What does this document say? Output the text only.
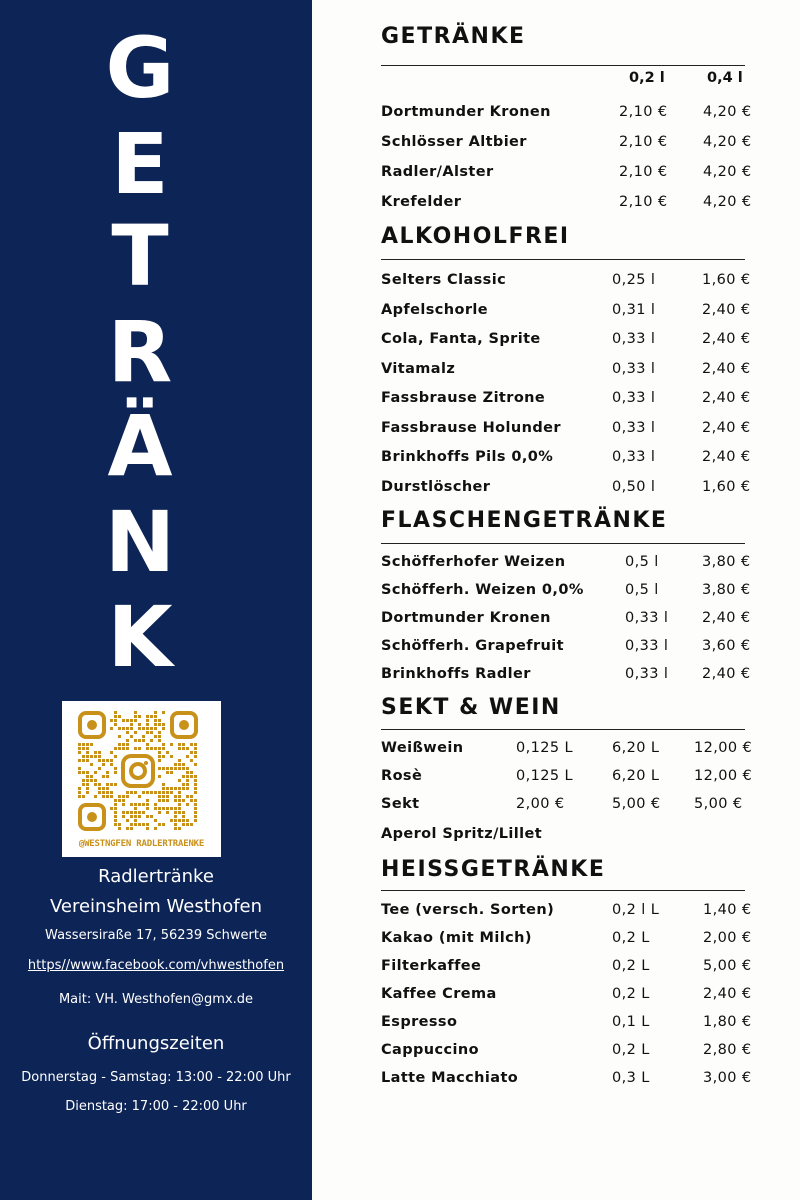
G
E
T
R
Ä
N
K
@WESTNGFEN RADLERTRAENKE
Radlertränke
Vereinsheim Westhofen
Wassersiraße 17, 56239 Schwerte
https//www.facebook.com/vhwesthofen
Mait: VH. Westhofen@gmx.de
Öffnungszeiten
Donnerstag - Samstag: 13:00 - 22:00 Uhr
Dienstag: 17:00 - 22:00 Uhr
GETRÄNKE
0,2 l	0,4 l
Dortmunder Kronen	2,10 € 4,20 €
Schlösser Altbier	2,10 € 4,20 €
Radler/Alster	2,10 € 4,20 €
Krefelder	2,10 € 4,20 €
ALKOHOLFREI
Selters Classic	0,25 l	1,60 €
Apfelschorle	0,31 l	2,40 €
Cola, Fanta, Sprite	0,33 l	2,40 €
Vitamalz	0,33 l	2,40 €
Fassbrause Zitrone	0,33 l	2,40 €
Fassbrause Holunder	0,33 l	2,40 €
Brinkhoffs Pils 0,0%	0,33 l	2,40 €
Durstlöscher	0,50 l	1,60 €
FLASCHENGETRÄNKE
Schöfferhofer Weizen	0,5 l	3,80 €
Schöfferh. Weizen 0,0%	0,5 l	3,80 €
Dortmunder Kronen	0,33 l 2,40 €
Schöfferh. Grapefruit	0,33 l 3,60 €
Brinkhoffs Radler	0,33 l 2,40 €
SEKT & WEIN
Weißwein	0,125 L	6,20 L 12,00 €
Rosè	0,125 L	6,20 L 12,00 €
Sekt	2,00 €	5,00 € 5,00 €
Aperol Spritz/Lillet
HEISSGETRÄNKE
Tee (versch. Sorten)	0,2 l L	1,40 €
Kakao (mit Milch)	0,2 L	2,00 €
Filterkaffee	0,2 L	5,00 €
Kaffee Crema	0,2 L	2,40 €
Espresso	0,1 L	1,80 €
Cappuccino	0,2 L	2,80 €
Latte Macchiato	0,3 L	3,00 €
